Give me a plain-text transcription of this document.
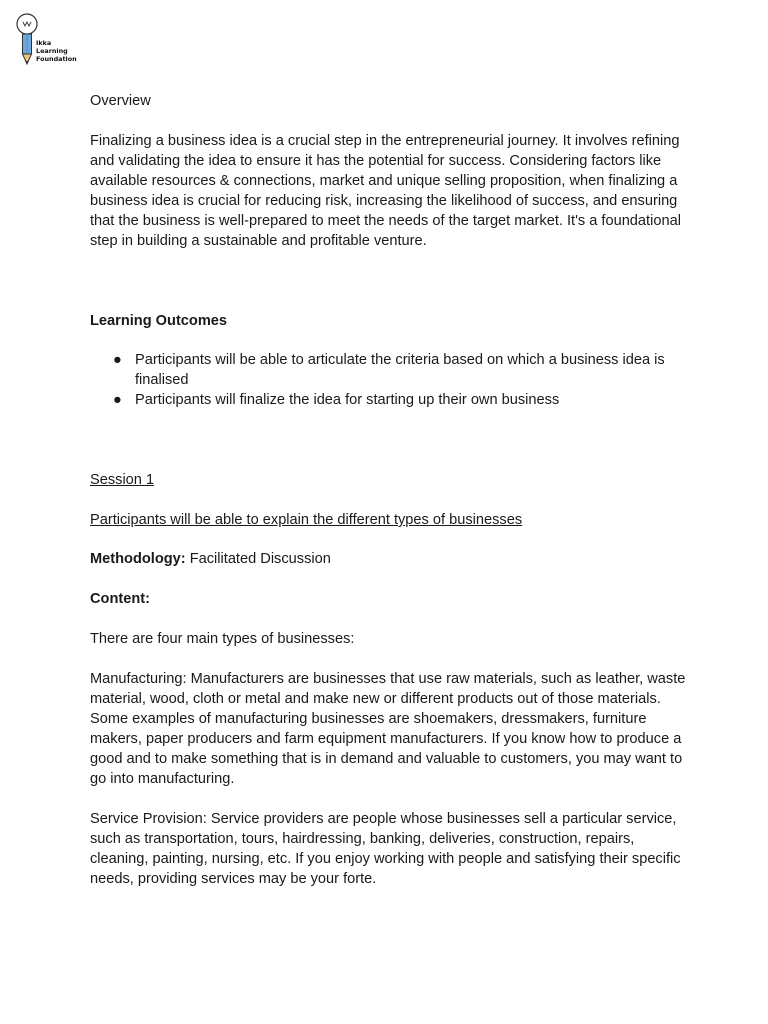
Ikka
Learning
Foundation

Overview

Finalizing a business idea is a crucial step in the entrepreneurial journey. It involves refining and validating the idea to ensure it has the potential for success. Considering factors like available resources & connections, market and unique selling proposition, when finalizing a business idea is crucial for reducing risk, increasing the likelihood of success, and ensuring that the business is well-prepared to meet the needs of the target market. It's a foundational step in building a sustainable and profitable venture.

Learning Outcomes

● Participants will be able to articulate the criteria based on which a business idea is finalised
● Participants will finalize the idea for starting up their own business

Session 1

Participants will be able to explain the different types of businesses

Methodology: Facilitated Discussion

Content:

There are four main types of businesses:

Manufacturing: Manufacturers are businesses that use raw materials, such as leather, waste material, wood, cloth or metal and make new or different products out of those materials. Some examples of manufacturing businesses are shoemakers, dressmakers, furniture makers, paper producers and farm equipment manufacturers. If you know how to produce a good and to make something that is in demand and valuable to customers, you may want to go into manufacturing.

Service Provision: Service providers are people whose businesses sell a particular service, such as transportation, tours, hairdressing, banking, deliveries, construction, repairs, cleaning, painting, nursing, etc. If you enjoy working with people and satisfying their specific needs, providing services may be your forte.
